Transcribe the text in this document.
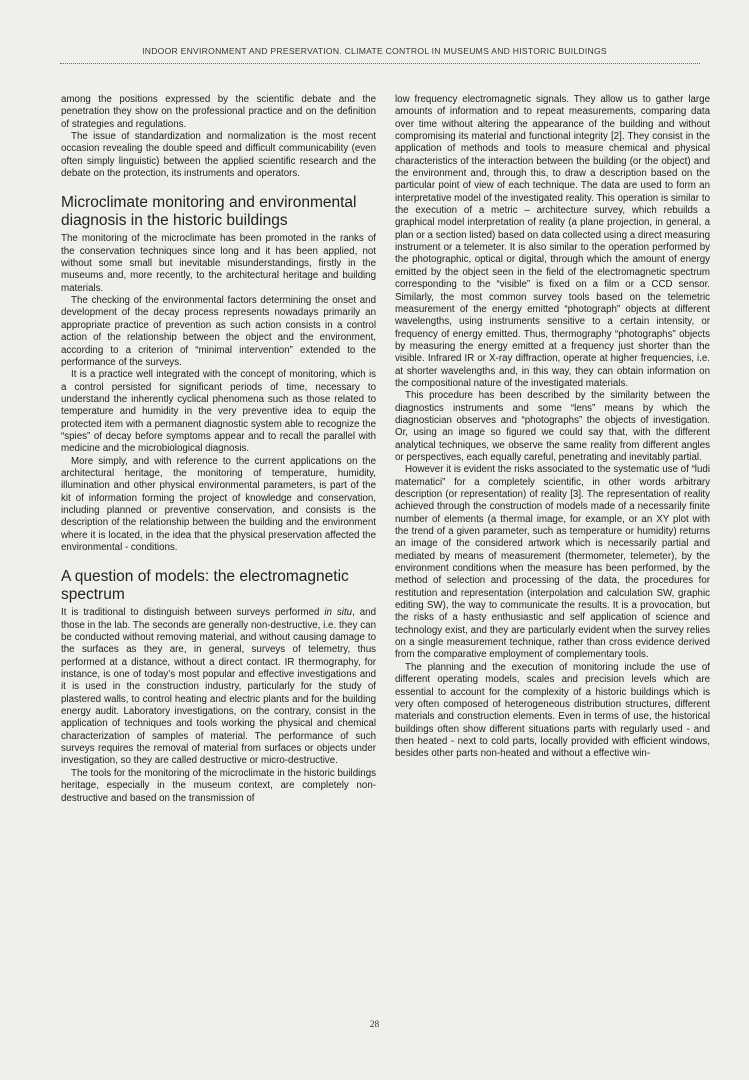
INDOOR ENVIRONMENT AND PRESERVATION. CLIMATE CONTROL IN MUSEUMS AND HISTORIC BUILDINGS

among the positions expressed by the scientific debate and the penetration they show on the professional practice and on the definition of strategies and regulations.

The issue of standardization and normalization is the most recent occasion revealing the double speed and difficult communicability (even often simply linguistic) between the applied scientific research and the debate on the protection, its instruments and operators.

Microclimate monitoring and environmental diagnosis in the historic buildings

The monitoring of the microclimate has been promoted in the ranks of the conservation techniques since long and it has been applied, not without some small but inevitable misunderstandings, firstly in the museums and, more recently, to the architectural heritage and building materials.

The checking of the environmental factors determining the onset and development of the decay process represents nowadays primarily an appropriate practice of prevention as such action consists in a control action of the relationship between the object and the environment, according to a criterion of “minimal intervention” extended to the performance of the surveys.

It is a practice well integrated with the concept of monitoring, which is a control persisted for significant periods of time, necessary to understand the inherently cyclical phenomena such as those related to temperature and humidity in the very preventive idea to equip the protected item with a permanent diagnostic system able to recognize the “spies” of decay before symptoms appear and to recall the parallel with medicine and the microbiological diagnosis.

More simply, and with reference to the current applications on the architectural heritage, the monitoring of temperature, humidity, illumination and other physical environmental parameters, is part of the kit of information forming the project of knowledge and conservation, including planned or preventive conservation, and consists is the description of the relationship between the building and the environment where it is located, in the idea that the physical preservation affected the environmental - conditions.

A question of models: the electromagnetic spectrum

It is traditional to distinguish between surveys performed in situ, and those in the lab. The seconds are generally non-destructive, i.e. they can be conducted without removing material, and without causing damage to the surfaces as they are, in general, surveys of telemetry, thus performed at a distance, without a direct contact. IR thermography, for instance, is one of today’s most popular and effective investigations and it is used in the construction industry, particularly for the study of plastered walls, to control heating and electric plants and for the building energy audit. Laboratory investigations, on the contrary, consist in the application of techniques and tools working the physical and chemical characterization of samples of material. The performance of such surveys requires the removal of material from surfaces or objects under investigation, so they are called destructive or micro-destructive.

The tools for the monitoring of the microclimate in the historic buildings heritage, especially in the museum context, are completely non-destructive and based on the transmission of

low frequency electromagnetic signals. They allow us to gather large amounts of information and to repeat measurements, comparing data over time without altering the appearance of the building and without compromising its material and functional integrity [2]. They consist in the application of methods and tools to measure chemical and physical characteristics of the interaction between the building (or the object) and the environment and, through this, to draw a description based on the particular point of view of each technique. The data are used to form an interpretative model of the investigated reality. This operation is similar to the execution of a metric – architecture survey, which rebuilds a graphical model interpretation of reality (a plane projection, in general, a plan or a section listed) based on data collected using a direct measuring instrument or a telemeter. It is also similar to the operation performed by the photographic, optical or digital, through which the amount of energy emitted by the object seen in the field of the electromagnetic spectrum corresponding to the “visible” is fixed on a film or a CCD sensor. Similarly, the most common survey tools based on the telemetric measurement of the energy emitted “photograph” objects at different wavelengths, using instruments sensitive to a certain intensity, or frequency of energy emitted. Thus, thermography “photographs” objects by measuring the energy emitted at a frequency just shorter than the visible. Infrared IR or X-ray diffraction, operate at higher frequencies, i.e. at shorter wavelengths and, in this way, they can obtain information on the compositional nature of the investigated materials.

This procedure has been described by the similarity between the diagnostics instruments and some “lens” means by which the diagnostician observes and “photographs” the objects of investigation. Or, using an image so figured we could say that, with the different analytical techniques, we observe the same reality from different angles or perspectives, each equally careful, penetrating and inevitably partial.

However it is evident the risks associated to the systematic use of “ludi matematici” for a completely scientific, in other words arbitrary description (or representation) of reality [3]. The representation of reality achieved through the construction of models made of a necessarily finite number of elements (a thermal image, for example, or an XY plot with the trend of a given parameter, such as temperature or humidity) returns an image of the considered artwork which is necessarily partial and mediated by means of measurement (thermometer, telemeter), by the environment conditions when the measure has been performed, by the method of selection and processing of the data, the procedures for restitution and representation (interpolation and calculation SW, graphic editing SW), the way to communicate the results. It is a provocation, but the risks of a hasty enthusiastic and self application of science and technology exist, and they are particularly evident when the survey relies on a single measurement technique, rather than cross evidence derived from the comparative employment of complementary tools.

The planning and the execution of monitoring include the use of different operating models, scales and precision levels which are essential to account for the complexity of a historic buildings which is very often composed of heterogeneous distribution structures, different materials and construction elements. Even in terms of use, the historical buildings often show different situations parts with regularly used - and then heated - next to cold parts, locally provided with efficient windows, besides other parts non-heated and without a effective win-

28
